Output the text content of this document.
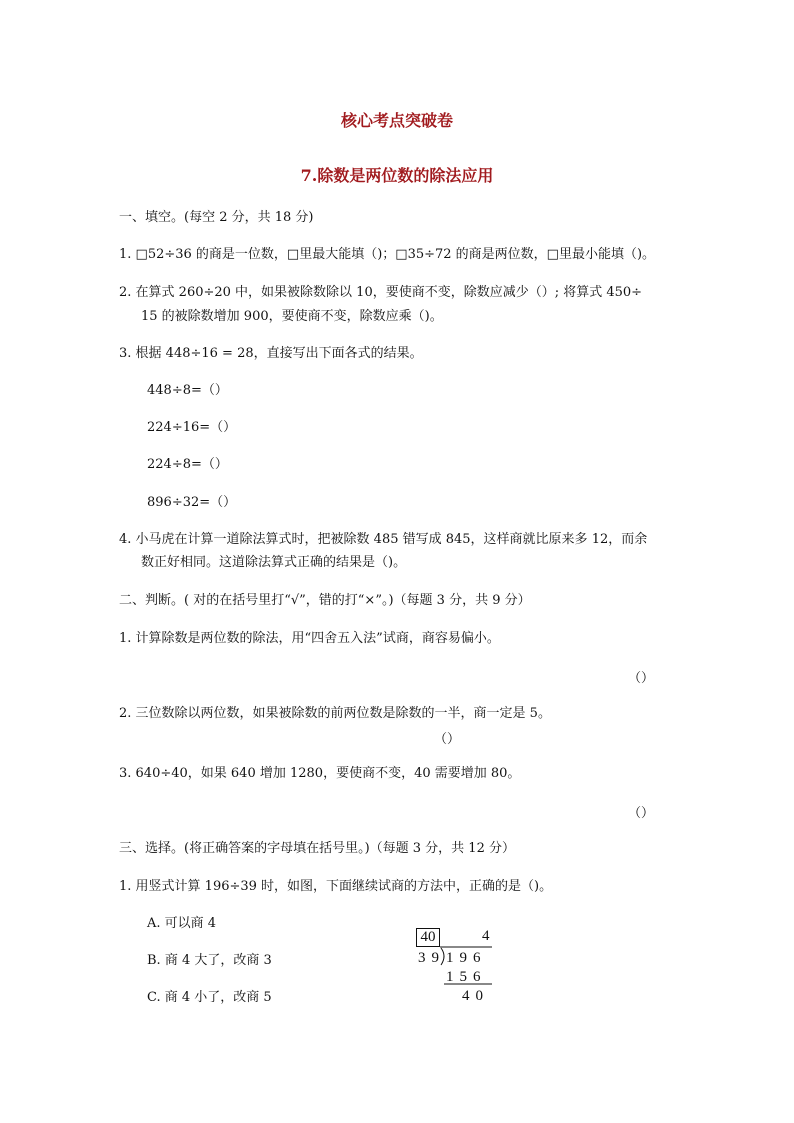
核心考点突破卷
7.除数是两位数的除法应用
一、填空。(每空 2 分，共 18 分)
1. □52÷36 的商是一位数，□里最大能填（)；□35÷72 的商是两位数，□里最小能填（)。
2. 在算式 260÷20 中，如果被除数除以 10，要使商不变，除数应减少（）; 将算式 450÷
15 的被除数增加 900，要使商不变，除数应乘（)。
3. 根据 448÷16 = 28，直接写出下面各式的结果。
448÷8=（）
224÷16=（）
224÷8=（）
896÷32=（）
4. 小马虎在计算一道除法算式时，把被除数 485 错写成 845，这样商就比原来多 12，而余
数正好相同。这道除法算式正确的结果是（)。
二、判断。( 对的在括号里打“√”，错的打“×”。)（每题 3 分，共 9 分）
1. 计算除数是两位数的除法，用“四舍五入法”试商，商容易偏小。
（）
2. 三位数除以两位数，如果被除数的前两位数是除数的一半，商一定是 5。
（）
3. 640÷40，如果 640 增加 1280，要使商不变，40 需要增加 80。
（）
三、选择。(将正确答案的字母填在括号里。)（每题 3 分，共 12 分）
1. 用竖式计算 196÷39 时，如图，下面继续试商的方法中，正确的是（)。
A. 可以商 4
B. 商 4 大了，改商 3
C. 商 4 小了，改商 5
40	4
39 196
156
40
